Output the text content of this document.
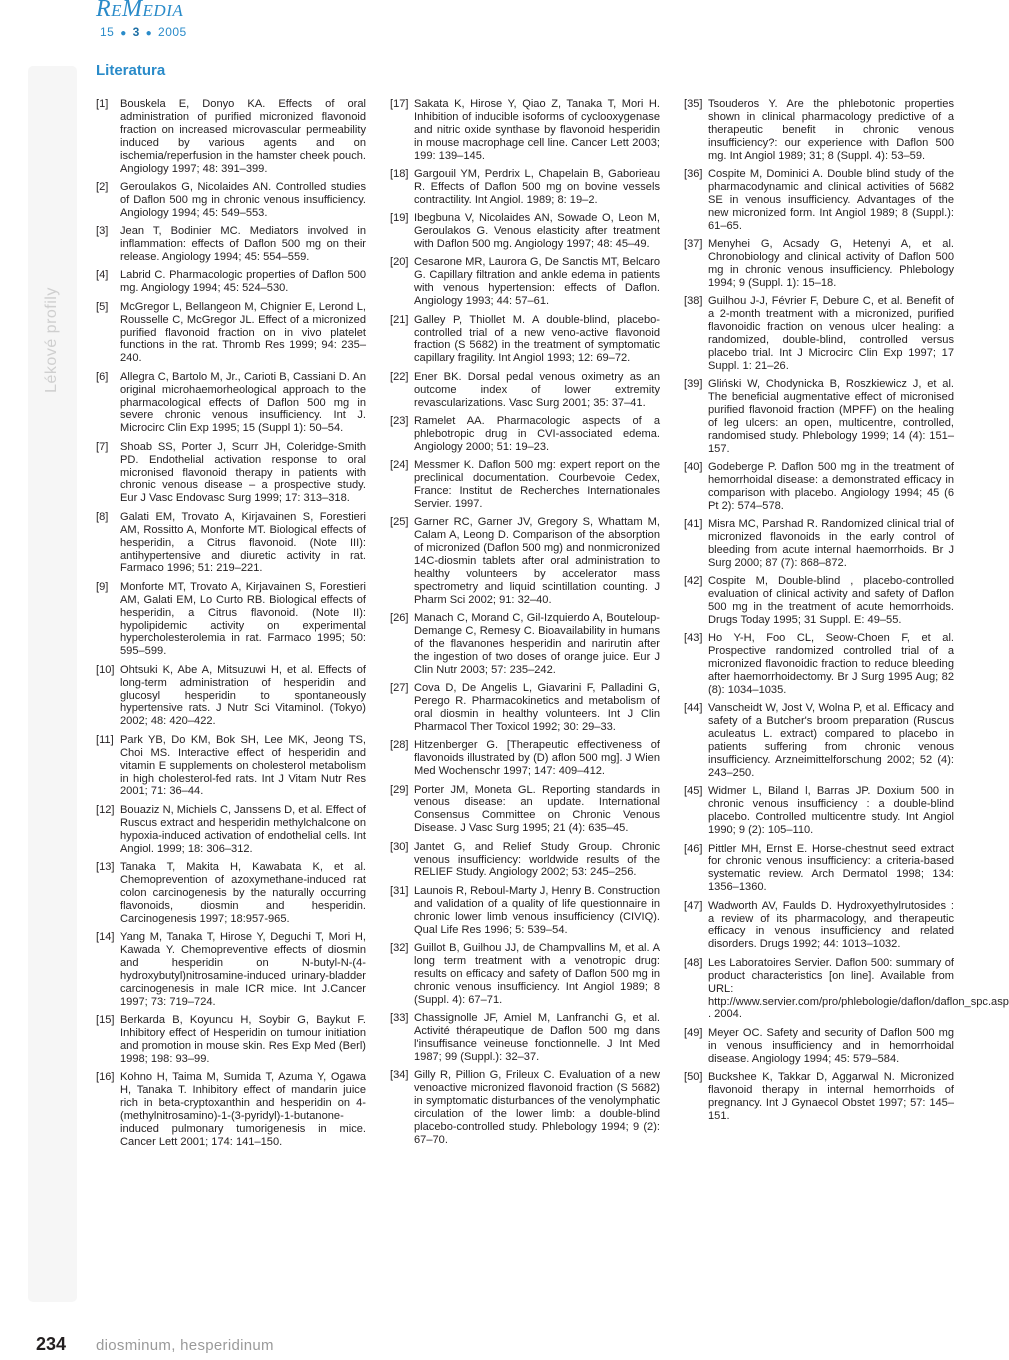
ReMedia
15 ● 3 ● 2005
Lékové profily
Literatura
[1] Bouskela E, Donyo KA. Effects of oral administration of purified micronized flavonoid fraction on increased microvascular permeability induced by various agents and on ischemia/reperfusion in the hamster cheek pouch. Angiology 1997; 48: 391–399.
[2] Geroulakos G, Nicolaides AN. Controlled studies of Daflon 500 mg in chronic venous insufficiency. Angiology 1994; 45: 549–553.
[3] Jean T, Bodinier MC. Mediators involved in inflammation: effects of Daflon 500 mg on their release. Angiology 1994; 45: 554–559.
[4] Labrid C. Pharmacologic properties of Daflon 500 mg. Angiology 1994; 45: 524–530.
[5] McGregor L, Bellangeon M, Chignier E, Lerond L, Rousselle C, McGregor JL. Effect of a micronized purified flavonoid fraction on in vivo platelet functions in the rat. Thromb Res 1999; 94: 235–240.
[6] Allegra C, Bartolo M, Jr., Carioti B, Cassiani D. An original microhaemorheological approach to the pharmacological effects of Daflon 500 mg in severe chronic venous insufficiency. Int J. Microcirc Clin Exp 1995; 15 (Suppl 1): 50–54.
[7] Shoab SS, Porter J, Scurr JH, Coleridge-Smith PD. Endothelial activation response to oral micronised flavonoid therapy in patients with chronic venous disease – a prospective study. Eur J Vasc Endovasc Surg 1999; 17: 313–318.
[8] Galati EM, Trovato A, Kirjavainen S, Forestieri AM, Rossitto A, Monforte MT. Biological effects of hesperidin, a Citrus flavonoid. (Note III): antihypertensive and diuretic activity in rat. Farmaco 1996; 51: 219–221.
[9] Monforte MT, Trovato A, Kirjavainen S, Forestieri AM, Galati EM, Lo Curto RB. Biological effects of hesperidin, a Citrus flavonoid. (Note II): hypolipidemic activity on experimental hypercholesterolemia in rat. Farmaco 1995; 50: 595–599.
[10] Ohtsuki K, Abe A, Mitsuzuwi H, et al. Effects of long-term administration of hesperidin and glucosyl hesperidin to spontaneously hypertensive rats. J Nutr Sci Vitaminol. (Tokyo) 2002; 48: 420–422.
[11] Park YB, Do KM, Bok SH, Lee MK, Jeong TS, Choi MS. Interactive effect of hesperidin and vitamin E supplements on cholesterol metabolism in high cholesterol-fed rats. Int J Vitam Nutr Res 2001; 71: 36–44.
[12] Bouaziz N, Michiels C, Janssens D, et al. Effect of Ruscus extract and hesperidin methylchalcone on hypoxia-induced activation of endothelial cells. Int Angiol. 1999; 18: 306–312.
[13] Tanaka T, Makita H, Kawabata K, et al. Chemoprevention of azoxymethane-induced rat colon carcinogenesis by the naturally occurring flavonoids, diosmin and hesperidin. Carcinogenesis 1997; 18:957-965.
[14] Yang M, Tanaka T, Hirose Y, Deguchi T, Mori H, Kawada Y. Chemopreventive effects of diosmin and hesperidin on N-butyl-N-(4-hydroxybutyl)nitrosamine-induced urinary-bladder carcinogenesis in male ICR mice. Int J.Cancer 1997; 73: 719–724.
[15] Berkarda B, Koyuncu H, Soybir G, Baykut F. Inhibitory effect of Hesperidin on tumour initiation and promotion in mouse skin. Res Exp Med (Berl) 1998; 198: 93–99.
[16] Kohno H, Taima M, Sumida T, Azuma Y, Ogawa H, Tanaka T. Inhibitory effect of mandarin juice rich in beta-cryptoxanthin and hesperidin on 4-(methylnitrosamino)-1-(3-pyridyl)-1-butanone-induced pulmonary tumorigenesis in mice. Cancer Lett 2001; 174: 141–150.
[17] Sakata K, Hirose Y, Qiao Z, Tanaka T, Mori H. Inhibition of inducible isoforms of cyclooxygenase and nitric oxide synthase by flavonoid hesperidin in mouse macrophage cell line. Cancer Lett 2003; 199: 139–145.
[18] Gargouil YM, Perdrix L, Chapelain B, Gaborieau R. Effects of Daflon 500 mg on bovine vessels contractility. Int Angiol. 1989; 8: 19–2.
[19] Ibegbuna V, Nicolaides AN, Sowade O, Leon M, Geroulakos G. Venous elasticity after treatment with Daflon 500 mg. Angiology 1997; 48: 45–49.
[20] Cesarone MR, Laurora G, De Sanctis MT, Belcaro G. Capillary filtration and ankle edema in patients with venous hypertension: effects of Daflon. Angiology 1993; 44: 57–61.
[21] Galley P, Thiollet M. A double-blind, placebo-controlled trial of a new veno-active flavonoid fraction (S 5682) in the treatment of symptomatic capillary fragility. Int Angiol 1993; 12: 69–72.
[22] Ener BK. Dorsal pedal venous oximetry as an outcome index of lower extremity revascularizations. Vasc Surg 2001; 35: 37–41.
[23] Ramelet AA. Pharmacologic aspects of a phlebotropic drug in CVI-associated edema. Angiology 2000; 51: 19–23.
[24] Messmer K. Daflon 500 mg: expert report on the preclinical documentation. Courbevoie Cedex, France: Institut de Recherches Internationales Servier. 1997.
[25] Garner RC, Garner JV, Gregory S, Whattam M, Calam A, Leong D. Comparison of the absorption of micronized (Daflon 500 mg) and nonmicronized 14C-diosmin tablets after oral administration to healthy volunteers by accelerator mass spectrometry and liquid scintillation counting. J Pharm Sci 2002; 91: 32–40.
[26] Manach C, Morand C, Gil-Izquierdo A, Bouteloup-Demange C, Remesy C. Bioavailability in humans of the flavanones hesperidin and narirutin after the ingestion of two doses of orange juice. Eur J Clin Nutr 2003; 57: 235–242.
[27] Cova D, De Angelis L, Giavarini F, Palladini G, Perego R. Pharmacokinetics and metabolism of oral diosmin in healthy volunteers. Int J Clin Pharmacol Ther Toxicol 1992; 30: 29–33.
[28] Hitzenberger G. [Therapeutic effectiveness of flavonoids illustrated by (D) aflon 500 mg]. J Wien Med Wochenschr 1997; 147: 409–412.
[29] Porter JM, Moneta GL. Reporting standards in venous disease: an update. International Consensus Committee on Chronic Venous Disease. J Vasc Surg 1995; 21 (4): 635–45.
[30] Jantet G, and Relief Study Group. Chronic venous insufficiency: worldwide results of the RELIEF Study. Angiology 2002; 53: 245–256.
[31] Launois R, Reboul-Marty J, Henry B. Construction and validation of a quality of life questionnaire in chronic lower limb venous insufficiency (CIVIQ). Qual Life Res 1996; 5: 539–54.
[32] Guillot B, Guilhou JJ, de Champvallins M, et al. A long term treatment with a venotropic drug: results on efficacy and safety of Daflon 500 mg in chronic venous insufficiency. Int Angiol 1989; 8 (Suppl. 4): 67–71.
[33] Chassignolle JF, Amiel M, Lanfranchi G, et al. Activité thérapeutique de Daflon 500 mg dans l'insuffisance veineuse fonctionnelle. J Int Med 1987; 99 (Suppl.): 32–37.
[34] Gilly R, Pillion G, Frileux C. Evaluation of a new venoactive micronized flavonoid fraction (S 5682) in symptomatic disturbances of the venolymphatic circulation of the lower limb: a double-blind placebo-controlled study. Phlebology 1994; 9 (2): 67–70.
[35] Tsouderos Y. Are the phlebotonic properties shown in clinical pharmacology predictive of a therapeutic benefit in chronic venous insufficiency?: our experience with Daflon 500 mg. Int Angiol 1989; 31; 8 (Suppl. 4): 53–59.
[36] Cospite M, Dominici A. Double blind study of the pharmacodynamic and clinical activities of 5682 SE in venous insufficiency. Advantages of the new micronized form. Int Angiol 1989; 8 (Suppl.): 61–65.
[37] Menyhei G, Acsady G, Hetenyi A, et al. Chronobiology and clinical activity of Daflon 500 mg in chronic venous insufficiency. Phlebology 1994; 9 (Suppl. 1): 15–18.
[38] Guilhou J-J, Février F, Debure C, et al. Benefit of a 2-month treatment with a micronized, purified flavonoidic fraction on venous ulcer healing: a randomized, double-blind, controlled versus placebo trial. Int J Microcirc Clin Exp 1997; 17 Suppl. 1: 21–26.
[39] Gliński W, Chodynicka B, Roszkiewicz J, et al. The beneficial augmentative effect of micronised purified flavonoid fraction (MPFF) on the healing of leg ulcers: an open, multicentre, controlled, randomised study. Phlebology 1999; 14 (4): 151–157.
[40] Godeberge P. Daflon 500 mg in the treatment of hemorrhoidal disease: a demonstrated efficacy in comparison with placebo. Angiology 1994; 45 (6 Pt 2): 574–578.
[41] Misra MC, Parshad R. Randomized clinical trial of micronized flavonoids in the early control of bleeding from acute internal haemorrhoids. Br J Surg 2000; 87 (7): 868–872.
[42] Cospite M, Double-blind , placebo-controlled evaluation of clinical activity and safety of Daflon 500 mg in the treatment of acute hemorrhoids. Drugs Today 1995; 31 Suppl. E: 49–55.
[43] Ho Y-H, Foo CL, Seow-Choen F, et al. Prospective randomized controlled trial of a micronized flavonoidic fraction to reduce bleeding after haemorrhoidectomy. Br J Surg 1995 Aug; 82 (8): 1034–1035.
[44] Vanscheidt W, Jost V, Wolna P, et al. Efficacy and safety of a Butcher's broom preparation (Ruscus aculeatus L. extract) compared to placebo in patients suffering from chronic venous insufficiency. Arzneimittelforschung 2002; 52 (4): 243–250.
[45] Widmer L, Biland l, Barras JP. Doxium 500 in chronic venous insufficiency : a double-blind placebo. Controlled multicentre study. Int Angiol 1990; 9 (2): 105–110.
[46] Pittler MH, Ernst E. Horse-chestnut seed extract for chronic venous insufficiency: a criteria-based systematic review. Arch Dermatol 1998; 134: 1356–1360.
[47] Wadworth AV, Faulds D. Hydroxyethylrutosides : a review of its pharmacology, and therapeutic efficacy in venous insufficiency and related disorders. Drugs 1992; 44: 1013–1032.
[48] Les Laboratoires Servier. Daflon 500: summary of product characteristics [on line]. Available from URL: http://www.servier.com/pro/phlebologie/daflon/daflon_spc.asp . 2004.
[49] Meyer OC. Safety and security of Daflon 500 mg in venous insufficiency and in hemorrhoidal disease. Angiology 1994; 45: 579–584.
[50] Buckshee K, Takkar D, Aggarwal N. Micronized flavonoid therapy in internal hemorrhoids of pregnancy. Int J Gynaecol Obstet 1997; 57: 145–151.
234 diosminum, hesperidinum
